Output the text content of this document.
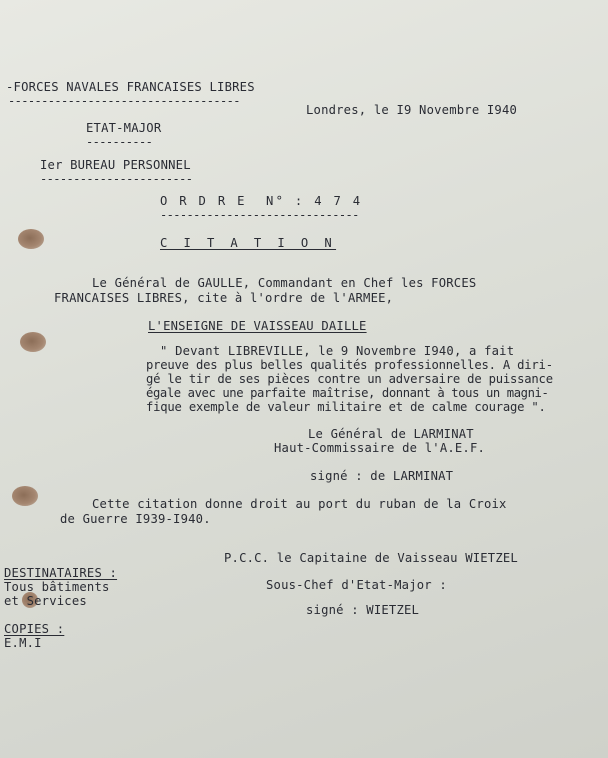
-FORCES NAVALES FRANCAISES LIBRES
-----------------------------------
Londres, le I9 Novembre I940
ETAT-MAJOR
----------
Ier BUREAU PERSONNEL
-----------------------
O R D R E  N° : 4 7 4
------------------------------
C I T A T I O N
Le Général de GAULLE, Commandant en Chef les FORCES
FRANCAISES LIBRES, cite à l'ordre de l'ARMEE,
L'ENSEIGNE DE VAISSEAU DAILLE
" Devant LIBREVILLE, le 9 Novembre I940, a fait
preuve des plus belles qualités professionnelles. A diri-
gé le tir de ses pièces contre un adversaire de puissance
égale avec une parfaite maîtrise, donnant à tous un magni-
fique exemple de valeur militaire et de calme courage ".
Le Général de LARMINAT
Haut-Commissaire de l'A.E.F.
signé : de LARMINAT
Cette citation donne droit au port du ruban de la Croix
de Guerre I939-I940.
P.C.C. le Capitaine de Vaisseau WIETZEL
Sous-Chef d'Etat-Major :
signé : WIETZEL
DESTINATAIRES :
Tous bâtiments
et Services
COPIES :
E.M.I
